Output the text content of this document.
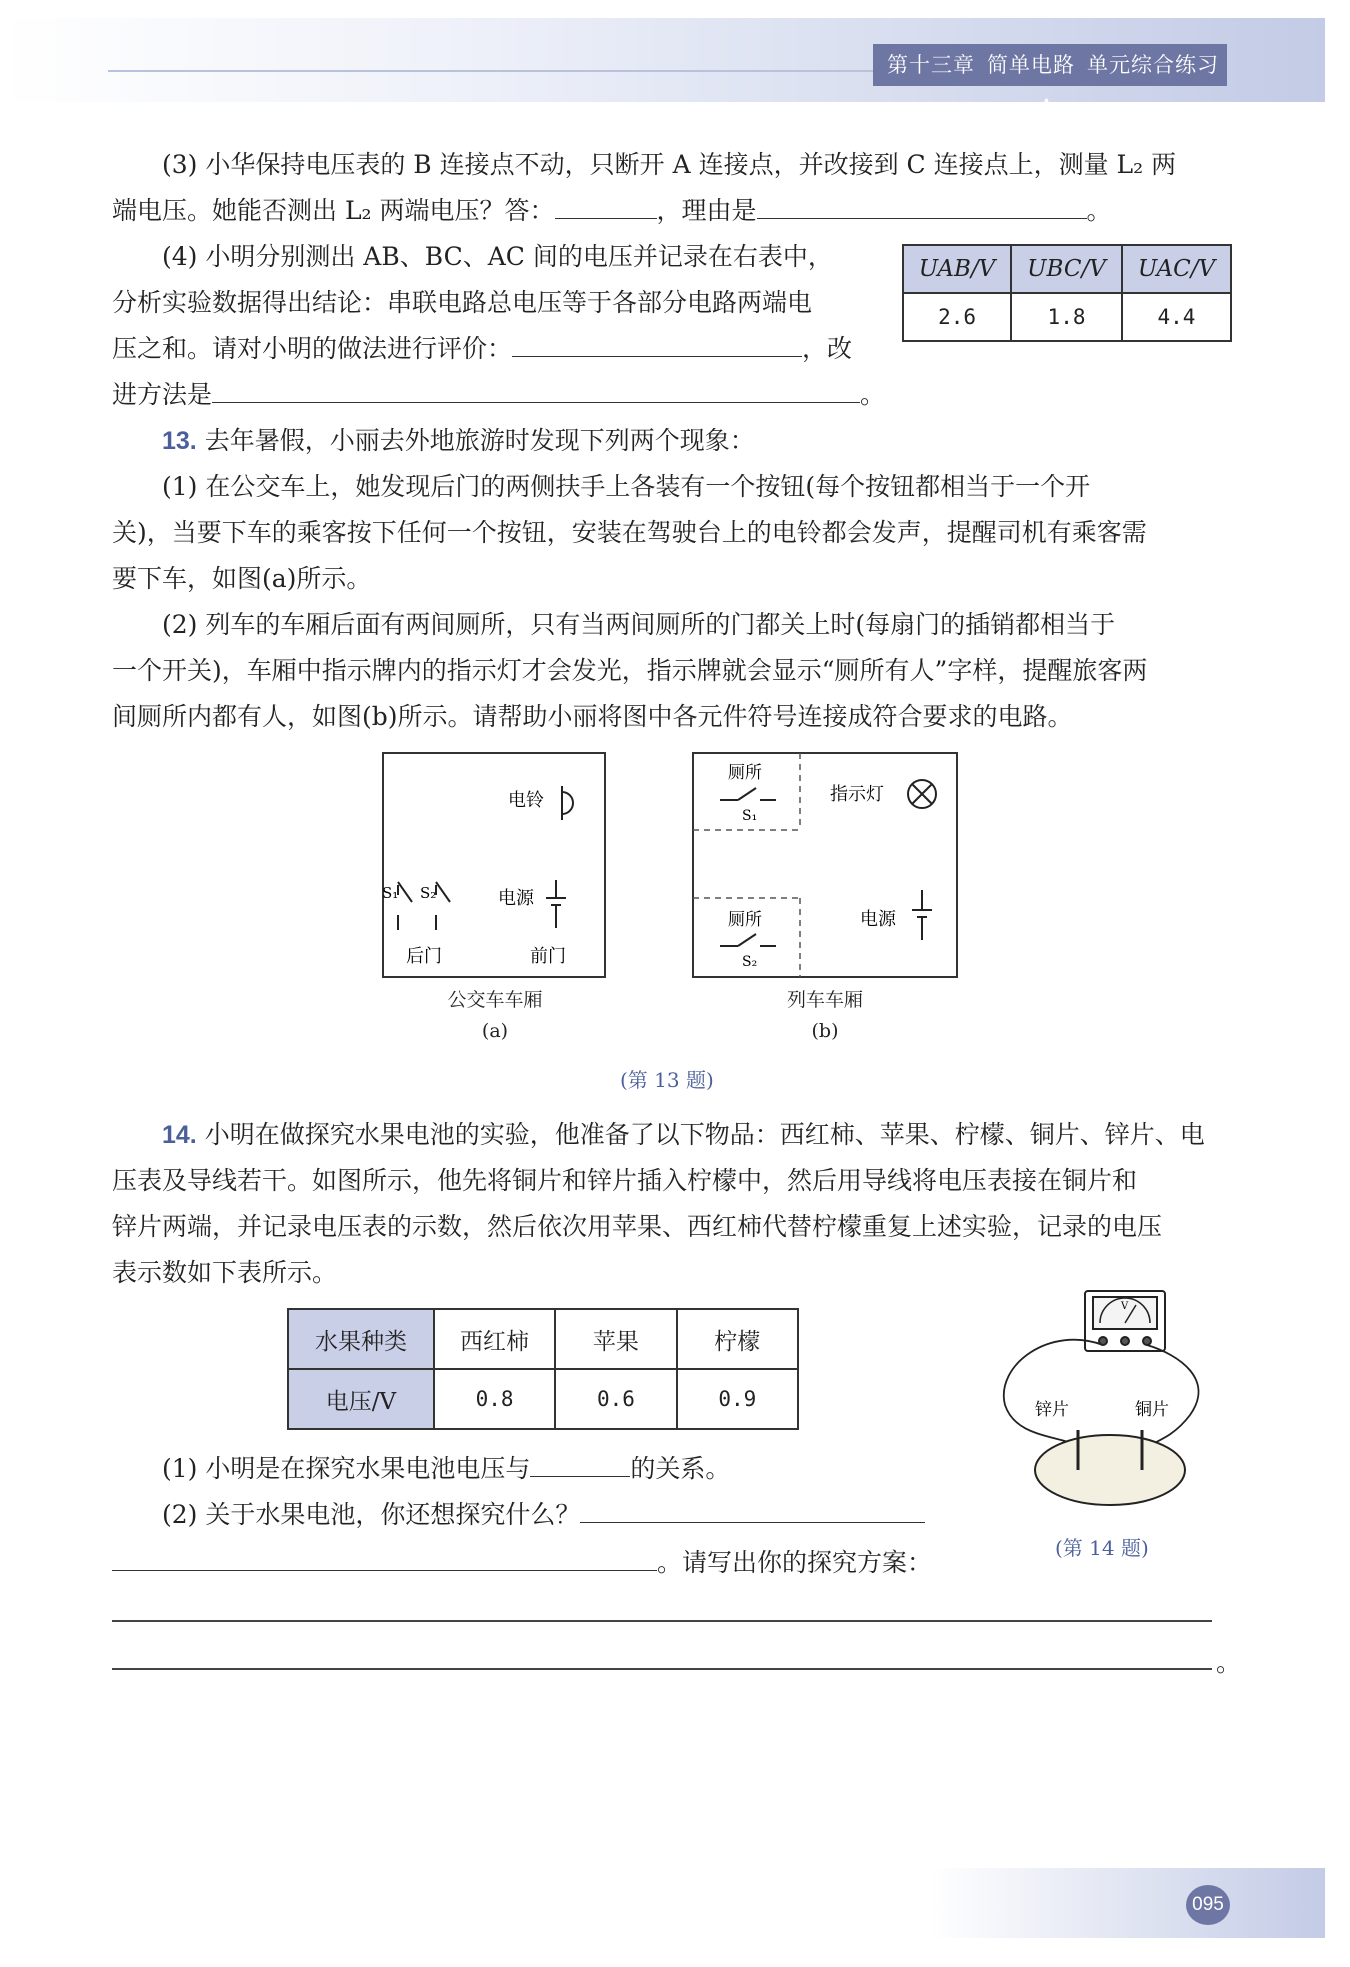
第十三章 简单电路 单元综合练习 A
(3) 小华保持电压表的 B 连接点不动，只断开 A 连接点，并改接到 C 连接点上，测量 L₂ 两
端电压。她能否测出 L₂ 两端电压？答：	，理由是	。
(4) 小明分别测出 AB、BC、AC 间的电压并记录在右表中，
分析实验数据得出结论：串联电路总电压等于各部分电路两端电
压之和。请对小明的做法进行评价：	，改
进方法是	。
UAB/V	UBC/V	UAC/V
2.6	1.8	4.4
13. 去年暑假，小丽去外地旅游时发现下列两个现象：
(1) 在公交车上，她发现后门的两侧扶手上各装有一个按钮(每个按钮都相当于一个开
关)，当要下车的乘客按下任何一个按钮，安装在驾驶台上的电铃都会发声，提醒司机有乘客需
要下车，如图(a)所示。
(2) 列车的车厢后面有两间厕所，只有当两间厕所的门都关上时(每扇门的插销都相当于
一个开关)，车厢中指示牌内的指示灯才会发光，指示牌就会显示“厕所有人”字样，提醒旅客两
间厕所内都有人，如图(b)所示。请帮助小丽将图中各元件符号连接成符合要求的电路。
电铃
S₁ S₂	电源
后门	前门
公交车车厢
(a)
厕所
S₁
指示灯
厕所
S₂
电源
列车车厢
(b)
(第 13 题)
14. 小明在做探究水果电池的实验，他准备了以下物品：西红柿、苹果、柠檬、铜片、锌片、电
压表及导线若干。如图所示，他先将铜片和锌片插入柠檬中，然后用导线将电压表接在铜片和
锌片两端，并记录电压表的示数，然后依次用苹果、西红柿代替柠檬重复上述实验，记录的电压
表示数如下表所示。
水果种类	西红柿	苹果	柠檬
电压/V	0.8	0.6	0.9
(1) 小明是在探究水果电池电压与	的关系。
(2) 关于水果电池，你还想探究什么？
。请写出你的探究方案：
。
V
锌片	铜片
(第 14 题)
095
